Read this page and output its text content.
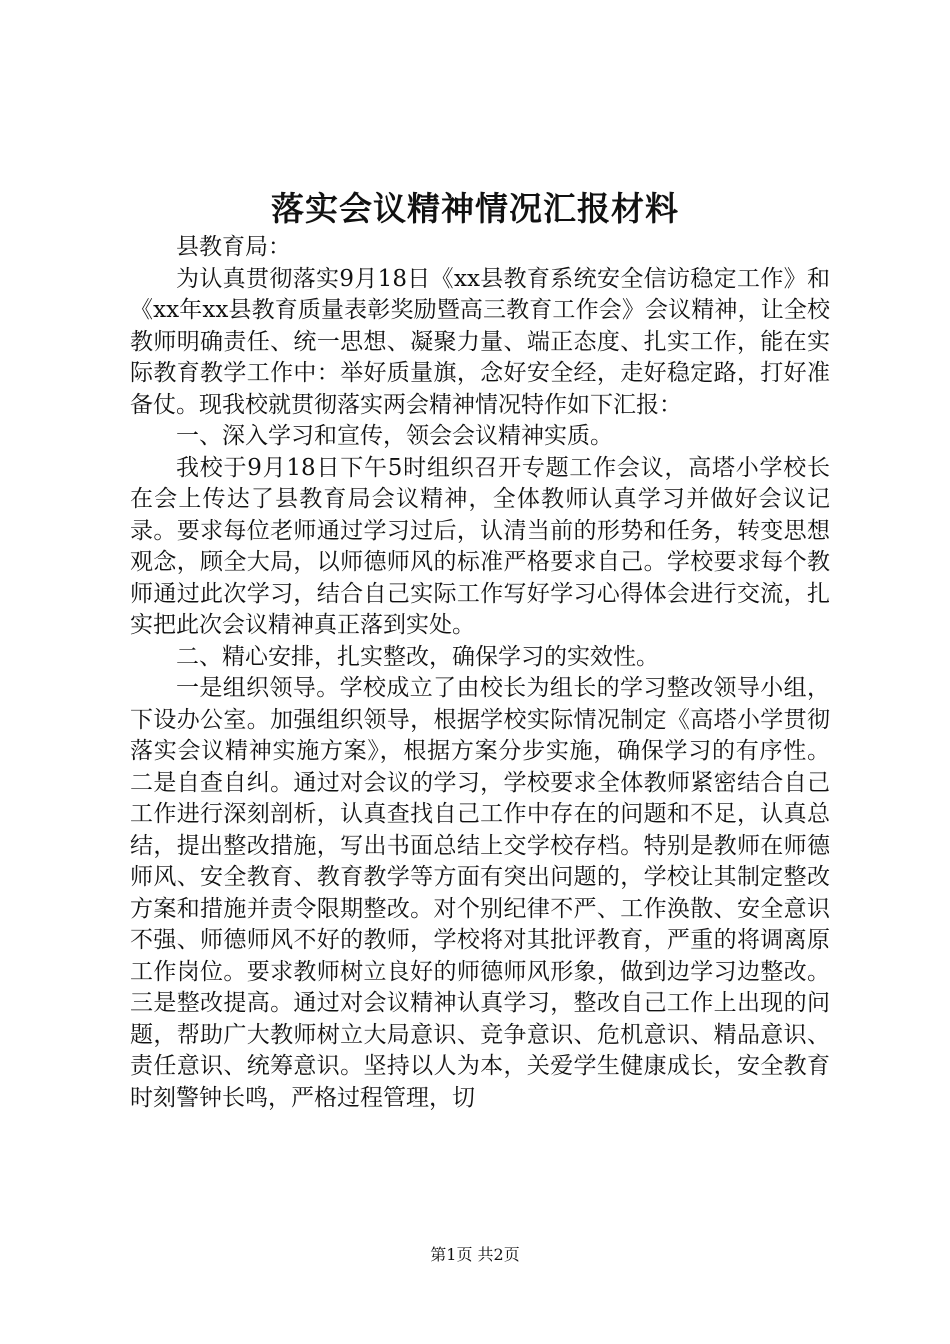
落实会议精神情况汇报材料

县教育局：

为认真贯彻落实9月18日《xx县教育系统安全信访稳定工作》和《xx年xx县教育质量表彰奖励暨高三教育工作会》会议精神，让全校教师明确责任、统一思想、凝聚力量、端正态度、扎实工作，能在实际教育教学工作中：举好质量旗，念好安全经，走好稳定路，打好准备仗。现我校就贯彻落实两会精神情况特作如下汇报：

一、深入学习和宣传，领会会议精神实质。

我校于9月18日下午5时组织召开专题工作会议，高塔小学校长在会上传达了县教育局会议精神，全体教师认真学习并做好会议记录。要求每位老师通过学习过后，认清当前的形势和任务，转变思想观念，顾全大局，以师德师风的标准严格要求自己。学校要求每个教师通过此次学习，结合自己实际工作写好学习心得体会进行交流，扎实把此次会议精神真正落到实处。

二、精心安排，扎实整改，确保学习的实效性。

一是组织领导。学校成立了由校长为组长的学习整改领导小组，下设办公室。加强组织领导，根据学校实际情况制定《高塔小学贯彻落实会议精神实施方案》，根据方案分步实施，确保学习的有序性。二是自查自纠。通过对会议的学习，学校要求全体教师紧密结合自己工作进行深刻剖析，认真查找自己工作中存在的问题和不足，认真总结，提出整改措施，写出书面总结上交学校存档。特别是教师在师德师风、安全教育、教育教学等方面有突出问题的，学校让其制定整改方案和措施并责令限期整改。对个别纪律不严、工作涣散、安全意识不强、师德师风不好的教师，学校将对其批评教育，严重的将调离原工作岗位。要求教师树立良好的师德师风形象，做到边学习边整改。三是整改提高。通过对会议精神认真学习，整改自己工作上出现的问题，帮助广大教师树立大局意识、竞争意识、危机意识、精品意识、责任意识、统筹意识。坚持以人为本，关爱学生健康成长，安全教育时刻警钟长鸣，严格过程管理，切

第1页 共2页
